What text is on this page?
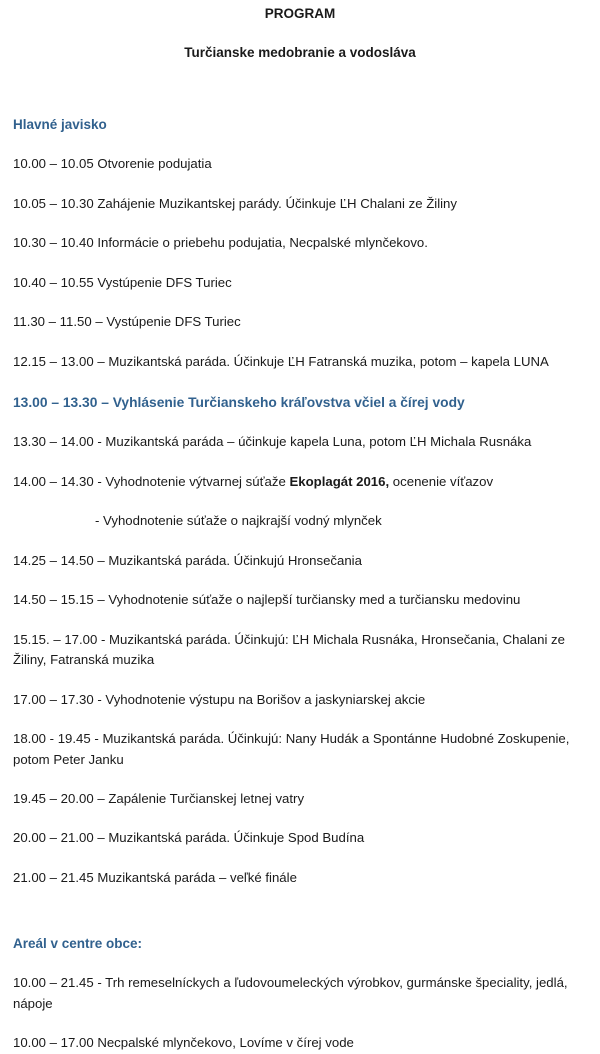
PROGRAM
Turčianske medobranie a vodosláva
Hlavné javisko
10.00 – 10.05 Otvorenie podujatia
10.05 – 10.30 Zahájenie Muzikantskej parády. Účinkuje ĽH Chalani ze Žiliny
10.30 – 10.40 Informácie o priebehu podujatia, Necpalské mlynčekovo.
10.40 – 10.55 Vystúpenie DFS Turiec
11.30 – 11.50 – Vystúpenie DFS Turiec
12.15 – 13.00 – Muzikantská paráda. Účinkuje ĽH Fatranská muzika, potom – kapela LUNA
13.00 – 13.30 – Vyhlásenie Turčianskeho kráľovstva včiel a čírej vody
13.30 – 14.00 - Muzikantská paráda – účinkuje kapela Luna, potom ĽH Michala Rusnáka
14.00 – 14.30 - Vyhodnotenie výtvarnej súťaže Ekoplagát 2016, ocenenie víťazov
- Vyhodnotenie súťaže o najkrajší vodný mlynček
14.25 – 14.50 – Muzikantská paráda. Účinkujú Hronsečania
14.50 – 15.15 – Vyhodnotenie súťaže o najlepší turčiansky med a turčiansku medovinu
15.15. – 17.00 - Muzikantská paráda. Účinkujú: ĽH Michala Rusnáka, Hronsečania, Chalani ze Žiliny, Fatranská muzika
17.00 – 17.30 - Vyhodnotenie výstupu na Borišov a jaskyniarskej akcie
18.00 - 19.45 - Muzikantská paráda. Účinkujú: Nany Hudák a Spontánne Hudobné Zoskupenie, potom Peter Janku
19.45 – 20.00 – Zapálenie Turčianskej letnej vatry
20.00 – 21.00 – Muzikantská paráda. Účinkuje Spod Budína
21.00 – 21.45 Muzikantská paráda – veľké finále
Areál v centre obce:
10.00 – 21.45 - Trh remeselníckych a ľudovoumeleckých výrobkov, gurmánske špeciality, jedlá, nápoje
10.00 – 17.00 Necpalské mlynčekovo, Lovíme v čírej vode
